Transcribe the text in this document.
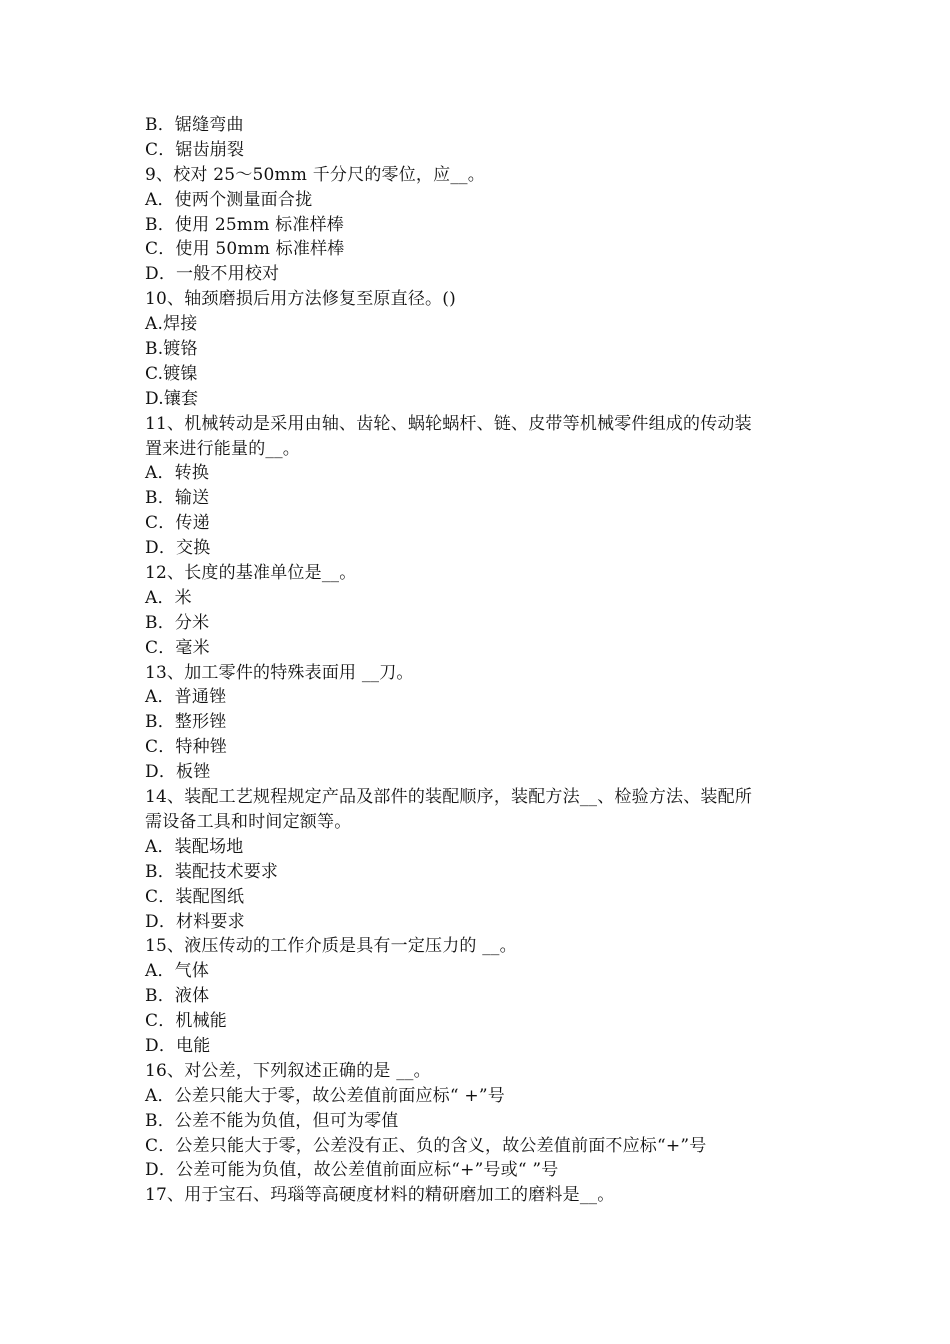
B．锯缝弯曲
C．锯齿崩裂
9、校对 25～50mm 千分尺的零位，应__。
A．使两个测量面合拢
B．使用 25mm 标准样棒
C．使用 50mm 标准样棒
D．一般不用校对
10、轴颈磨损后用方法修复至原直径。()
A.焊接
B.镀铬
C.镀镍
D.镶套
11、机械转动是采用由轴、齿轮、蜗轮蜗杆、链、皮带等机械零件组成的传动装
置来进行能量的__。
A．转换
B．输送
C．传递
D．交换
12、长度的基准单位是__。
A．米
B．分米
C．毫米
13、加工零件的特殊表面用 __刀。
A．普通锉
B．整形锉
C．特种锉
D．板锉
14、装配工艺规程规定产品及部件的装配顺序，装配方法__、检验方法、装配所
需设备工具和时间定额等。
A．装配场地
B．装配技术要求
C．装配图纸
D．材料要求
15、液压传动的工作介质是具有一定压力的 __。
A．气体
B．液体
C．机械能
D．电能
16、对公差，下列叙述正确的是 __。
A．公差只能大于零，故公差值前面应标“ +”号
B．公差不能为负值，但可为零值
C．公差只能大于零，公差没有正、负的含义，故公差值前面不应标“+”号
D．公差可能为负值，故公差值前面应标“+”号或“ ”号
17、用于宝石、玛瑙等高硬度材料的精研磨加工的磨料是__。
